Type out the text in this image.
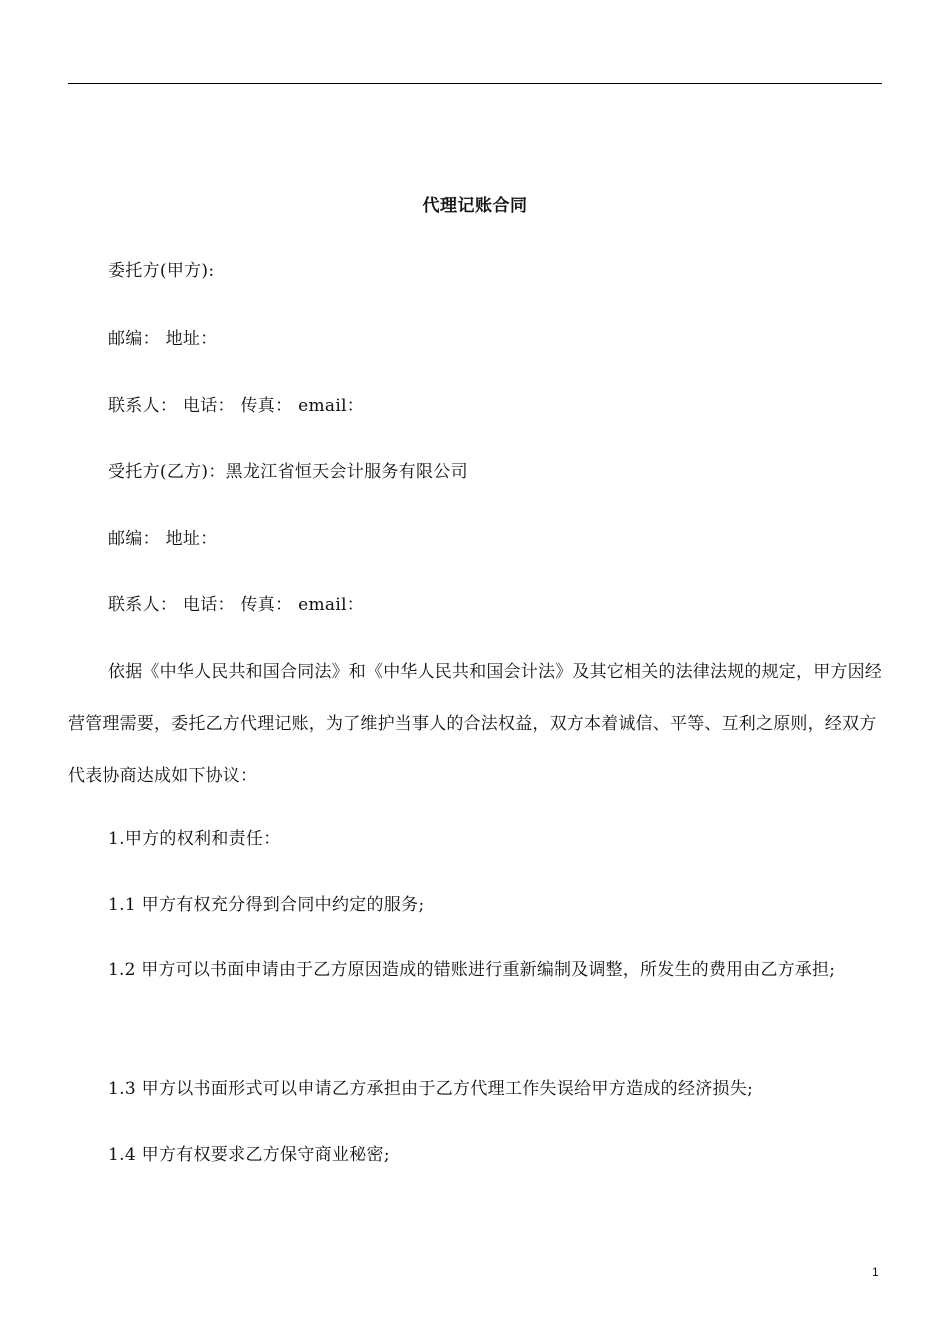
代理记账合同
委托方(甲方):
邮编： 地址：
联系人： 电话： 传真： email：
受托方(乙方)：黑龙江省恒天会计服务有限公司
邮编： 地址：
联系人： 电话： 传真： email：

依据《中华人民共和国合同法》和《中华人民共和国会计法》及其它相关的法律法规的规定，甲方因经营管理需要，委托乙方代理记账，为了维护当事人的合法权益，双方本着诚信、平等、互利之原则，经双方代表协商达成如下协议：

1.甲方的权利和责任：
1.1 甲方有权充分得到合同中约定的服务;

1.2 甲方可以书面申请由于乙方原因造成的错账进行重新编制及调整，所发生的费用由乙方承担;

1.3 甲方以书面形式可以申请乙方承担由于乙方代理工作失误给甲方造成的经济损失;
1.4 甲方有权要求乙方保守商业秘密;
1
